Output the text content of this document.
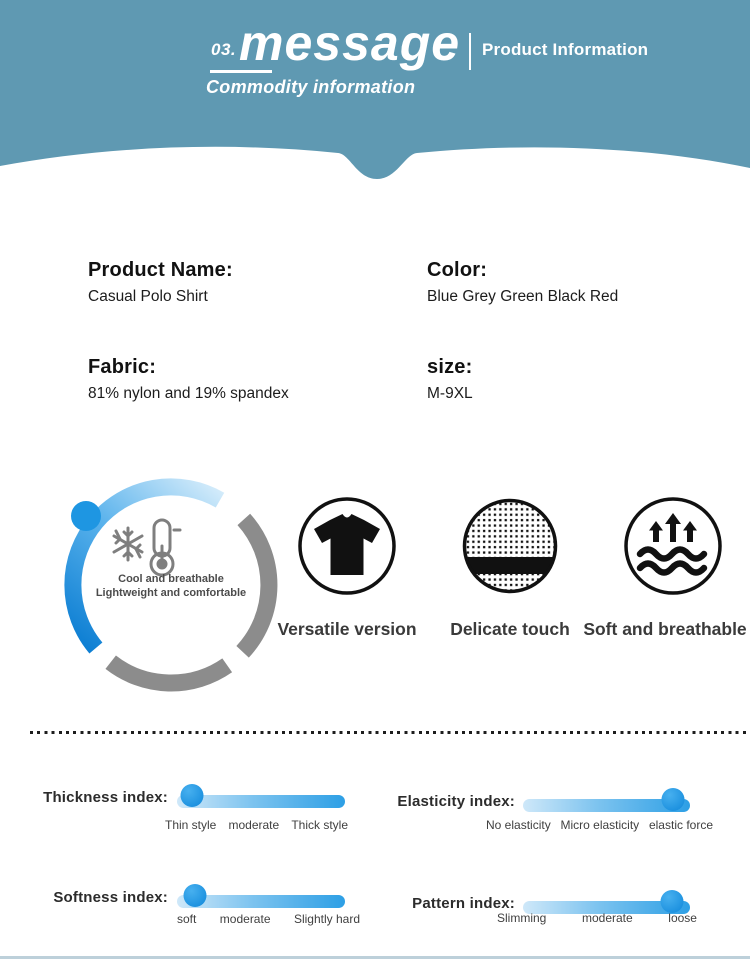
03. message Product Information
Commodity information
Product Name:
Casual Polo Shirt
Color:
Blue Grey Green Black Red
Fabric:
81% nylon and 19% spandex
size:
M-9XL
Cool and breathable
Lightweight and comfortable
Versatile version	Delicate touch Soft and breathable
Thickness index:
Thin style moderate Thick style
Elasticity index:
No elasticity Micro elasticity elastic force
Softness index:
soft moderate Slightly hard
Pattern index:
Slimming	moderate	loose
